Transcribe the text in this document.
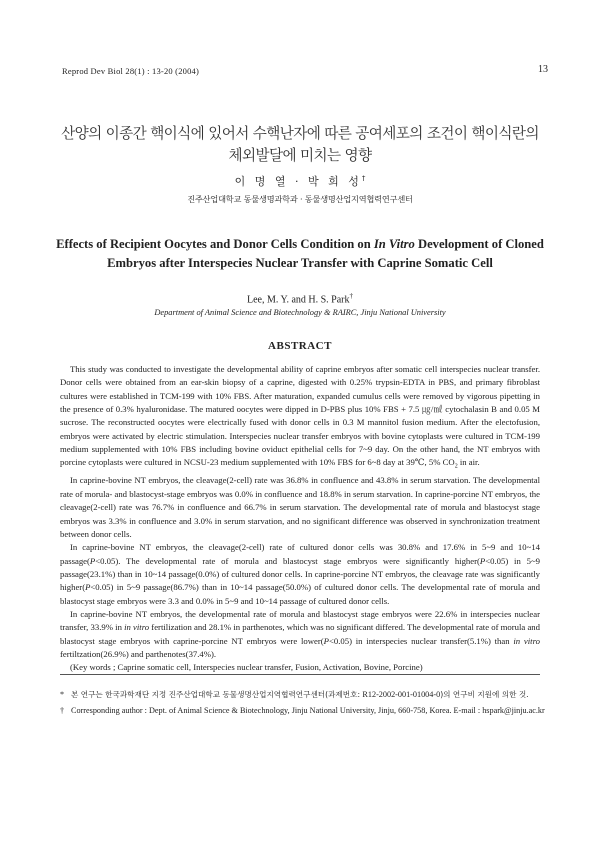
Reprod Dev Biol 28(1) : 13-20 (2004)	13
산양의 이종간 핵이식에 있어서 수핵난자에 따른 공여세포의 조건이 핵이식란의
체외발달에 미치는 영향
이 명 열 · 박 희 성†
진주산업대학교 동물생명과학과 · 동물생명산업지역협력연구센터
Effects of Recipient Oocytes and Donor Cells Condition on In Vitro Development of Cloned Embryos after Interspecies Nuclear Transfer with Caprine Somatic Cell
Lee, M. Y. and H. S. Park†
Department of Animal Science and Biotechnology & RAIRC, Jinju National University
ABSTRACT

This study was conducted to investigate the developmental ability of caprine embryos after somatic cell interspecies nuclear transfer. Donor cells were obtained from an ear-skin biopsy of a caprine, digested with 0.25% trypsin-EDTA in PBS, and primary fibroblast cultures were established in TCM-199 with 10% FBS. After maturation, expanded cumulus cells were removed by vigorous pipetting in the presence of 0.3% hyaluronidase. The matured oocytes were dipped in D-PBS plus 10% FBS + 7.5 ㎍/㎖ cytochalasin B and 0.05 M sucrose. The reconstructed oocytes were electrically fused with donor cells in 0.3 M mannitol fusion medium. After the electofusion, embryos were activated by electric stimulation. Interspecies nuclear transfer embryos with bovine cytoplasts were cultured in TCM-199 medium supplemented with 10% FBS including bovine oviduct epithelial cells for 7~9 day. On the other hand, the NT embryos with porcine cytoplasts were cultured in NCSU-23 medium supplemented with 10% FBS for 6~8 day at 39℃, 5% $CO_2$ in air.

In caprine-bovine NT embryos, the cleavage(2-cell) rate was 36.8% in confluence and 43.8% in serum starvation. The developmental rate of morula- and blastocyst-stage embryos was 0.0% in confluence and 18.8% in serum starvation. In caprine-porcine NT embryos, the cleavage(2-cell) rate was 76.7% in confluence and 66.7% in serum starvation. The developmental rate of morula and blastocyst stage embryos was 3.3% in confluence and 3.0% in serum starvation, and no significant difference was observed in synchronization treatment between donor cells.

In caprine-bovine NT embryos, the cleavage(2-cell) rate of cultured donor cells was 30.8% and 17.6% in 5~9 and 10~14 passage(P<0.05). The developmental rate of morula and blastocyst stage embryos were significantly higher(P<0.05) in 5~9 passage(23.1%) than in 10~14 passage(0.0%) of cultured donor cells. In caprine-porcine NT embryos, the cleavage rate was significantly higher(P<0.05) in 5~9 passage(86.7%) than in 10~14 passage(50.0%) of cultured donor cells. The developmental rate of morula and blastocyst stage embryos were 3.3 and 0.0% in 5~9 and 10~14 passage of cultured donor cells.

In caprine-bovine NT embryos, the developmental rate of morula and blastocyst stage embryos were 22.6% in interspecies nuclear transfer, 33.9% in in vitro fertilization and 28.1% in parthenotes, which was no significant differed. The developmental rate of morula and blastocyst stage embryos with caprine-porcine NT embryos were lower(P<0.05) in interspecies nuclear transfer(5.1%) than in vitro fertiltzation(26.9%) and parthenotes(37.4%).

(Key words ; Caprine somatic cell, Interspecies nuclear transfer, Fusion, Activation, Bovine, Porcine)

* 본 연구는 한국과학재단 지정 진주산업대학교 동물생명산업지역협력연구센터(과제번호: R12-2002-001-01004-0)의 연구비 지원에 의한 것.
† Corresponding author : Dept. of Animal Science & Biotechnology, Jinju National University, Jinju, 660-758, Korea. E-mail : hspark@jinju.ac.kr
